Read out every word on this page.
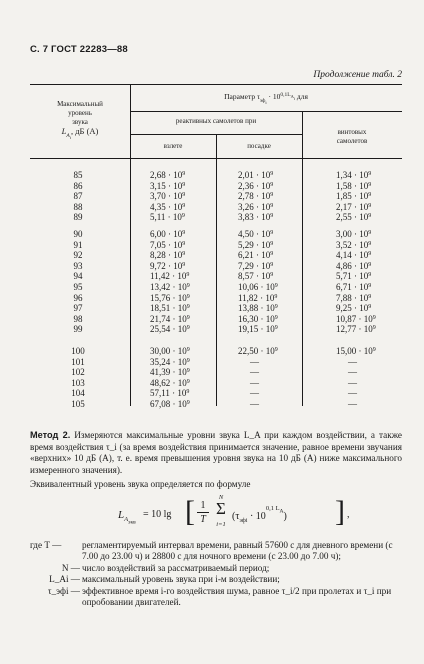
С. 7 ГОСТ 22283—88
Продолжение табл. 2
Максимальный
уровень
звука
$L_{A_i}$, дБ (А)
Параметр $\tau_{эф_i} \cdot 10^{0,1L_{A_i}}$ для
реактивных самолетов при
взлете	посадке
винтовых
самолетов
85	$2,68 \cdot 10^9$	$2,01 \cdot 10^9$	$1,34 \cdot 10^9$
86	$3,15 \cdot 10^9$	$2,36 \cdot 10^9$	$1,58 \cdot 10^9$
87	$3,70 \cdot 10^9$	$2,78 \cdot 10^9$	$1,85 \cdot 10^9$
88	$4,35 \cdot 10^9$	$3,26 \cdot 10^9$	$2,17 \cdot 10^9$
89	$5,11 \cdot 10^9$	$3,83 \cdot 10^9$	$2,55 \cdot 10^9$
90	$6,00 \cdot 10^9$	$4,50 \cdot 10^9$	$3,00 \cdot 10^9$
91	$7,05 \cdot 10^9$	$5,29 \cdot 10^9$	$3,52 \cdot 10^9$
92	$8,28 \cdot 10^9$	$6,21 \cdot 10^9$	$4,14 \cdot 10^9$
93	$9,72 \cdot 10^9$	$7,29 \cdot 10^9$	$4,86 \cdot 10^9$
94	$11,42 \cdot 10^9$	$8,57 \cdot 10^9$	$5,71 \cdot 10^9$
95	$13,42 \cdot 10^9$	$10,06 \cdot 10^9$	$6,71 \cdot 10^9$
96	$15,76 \cdot 10^9$	$11,82 \cdot 10^9$	$7,88 \cdot 10^9$
97	$18,51 \cdot 10^9$	$13,88 \cdot 10^9$	$9,25 \cdot 10^9$
98	$21,74 \cdot 10^9$	$16,30 \cdot 10^9$	$10,87 \cdot 10^9$
99	$25,54 \cdot 10^9$	$19,15 \cdot 10^9$	$12,77 \cdot 10^9$
100	$30,00 \cdot 10^9$	$22,50 \cdot 10^9$	$15,00 \cdot 10^9$
101	$35,24 \cdot 10^9$	—	—
102	$41,39 \cdot 10^9$	—	—
103	$48,62 \cdot 10^9$	—	—
104	$57,11 \cdot 10^9$	—	—
105	$67,08 \cdot 10^9$	—	—
Метод 2. Измеряются максимальные уровни звука L_A при каждом воздействии, а также время воздействия τ_i (за время воздействия принимается значение, равное времени звучания «верхних» 10 дБ (A), т. е. время превышения уровня звука на 10 дБ (A) ниже максимального измеренного значения).
Эквивалентный уровень звука определяется по формуле
$L_{A_{экв}}$
= 10 lg [ 1
T
N
Σ
i=1
$(\tau_{эфi} \cdot 10^{0,1 L_A})$ ] ,
где T —	регламентируемый интервал времени, равный 57600 с для дневного времени (с 7.00 до 23.00 ч) и 28800 с для ночного времени (с 23.00 до 7.00 ч);
N — число воздействий за рассматриваемый период;
L_Ai — максимальный уровень звука при i-м воздействии;
τ_эфi — эффективное время i-го воздействия шума, равное τ_i/2 при пролетах и τ_i при опробовании двигателей.
